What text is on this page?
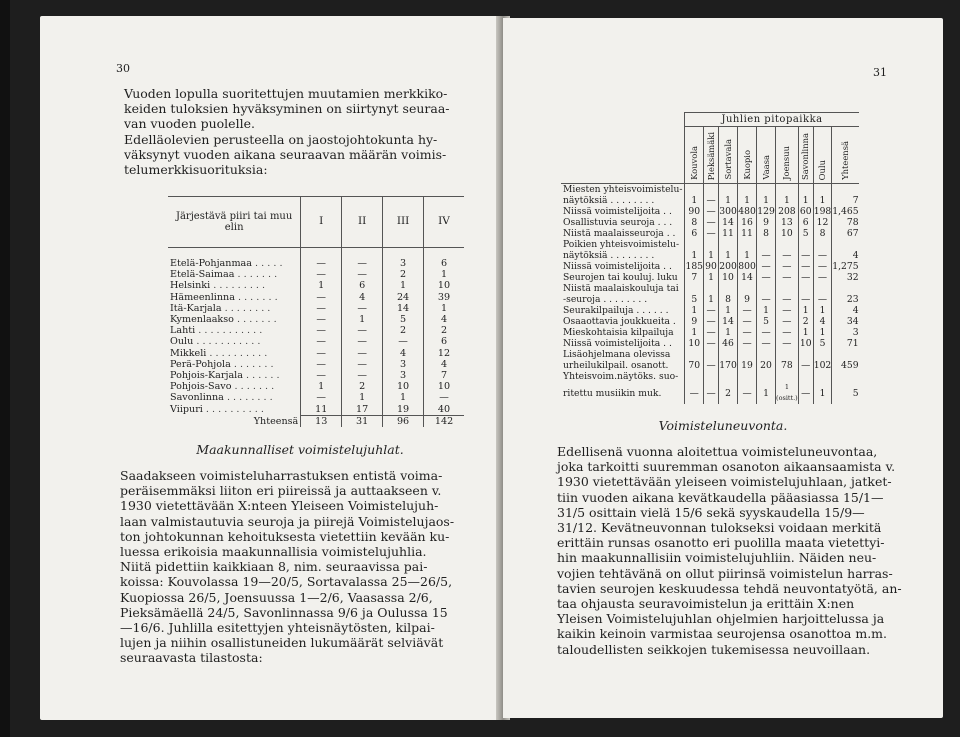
30

Vuoden lopulla suoritettujen muutamien merkkiko-

keiden tuloksien hyväksyminen on siirtynyt seuraa-

van vuoden puolelle.

Edelläolevien perusteella on jaostojohtokunta hy-

väksynyt vuoden aikana seuraavan määrän voimis-

telumerkkisuorituksia:

Järjestävä piiri tai muu elin	I	II	III	IV

Etelä-Pohjanmaa . . . . .	—	—	3	6
Etelä-Saimaa . . . . . . .	—	—	2	1
Helsinki . . . . . . . . .	1	6	1	10
Hämeenlinna . . . . . . .	—	4	24	39
Itä-Karjala . . . . . . . .	—	—	14	1
Kymenlaakso . . . . . . .	—	1	5	4
Lahti . . . . . . . . . . .	—	—	2	2
Oulu . . . . . . . . . . .	—	—	—	6
Mikkeli . . . . . . . . . .	—	—	4	12
Perä-Pohjola . . . . . . .	—	—	3	4
Pohjois-Karjala . . . . . .	—	—	3	7
Pohjois-Savo . . . . . . .	1	2	10	10
Savonlinna . . . . . . . .	—	1	1	—
Viipuri . . . . . . . . . .	11	17	19	40
Yhteensä	13	31	96	142
Maakunnalliset voimistelujuhlat.

Saadakseen voimisteluharrastuksen entistä voima-

peräisemmäksi liiton eri piireissä ja auttaakseen v.

1930 vietettävään X:nteen Yleiseen Voimistelujuh-

laan valmistautuvia seuroja ja piirejä Voimistelujaos-

ton johtokunnan kehoituksesta vietettiin kevään ku-

luessa erikoisia maakunnallisia voimistelujuhlia.

Niitä pidettiin kaikkiaan 8, nim. seuraavissa pai-

koissa: Kouvolassa 19—20/5, Sortavalassa 25—26/5,

Kuopiossa 26/5, Joensuussa 1—2/6, Vaasassa 2/6,

Pieksämäellä 24/5, Savonlinnassa 9/6 ja Oulussa 15

—16/6. Juhlilla esitettyjen yhteisnäytösten, kilpai-

lujen ja niihin osallistuneiden lukumäärät selviävät

seuraavasta tilastosta:

31
	Juhlien pitopaikka								
	Kouvola	Pieksämäki	Sortavala	Kuopio	Vaasa	Joensuu	Savonlinna	Oulu	Yhteensä
Miesten yhteisvoimistelu-									
näytöksiä . . . . . . . .	1	—	1	1	1	1	1	1	7
Niissä voimistelijoita . .	90	—	300	480	129	208	60	198	1,465
Osallistuvia seuroja . . .	8	—	14	16	9	13	6	12	78
Niistä maalaisseuroja . .	6	—	11	11	8	10	5	8	67
Poikien yhteisvoimistelu-									
näytöksiä . . . . . . . .	1	1	1	1	—	—	—	—	4
Niissä voimistelijoita . .	185	90	200	800	—	—	—	—	1,275
Seurojen tai kouluj. luku	7	1	10	14	—	—	—	—	32
Niistä maalaiskouluja tai									
-seuroja . . . . . . . .	5	1	8	9	—	—	—	—	23
Seurakilpailuja . . . . . .	1	—	1	—	1	—	1	1	4
Osaaottavia joukkueita .	9	—	14	—	5	—	2	4	34
Mieskohtaisia kilpailuja	1	—	1	—	—	—	1	1	3
Niissä voimistelijoita . .	10	—	46	—	—	—	10	5	71
Lisäohjelmana olevissa									
urheilukilpail. osanott.	70	—	170	19	20	78	—	102	459
Yhteisvoim.näytöks. suo-									
ritettu musiikin muk.	—	—	2	—	1	1 (ositt.)	—	1	5
Voimisteluneuvonta.

Edellisenä vuonna aloitettua voimisteluneuvontaa,

joka tarkoitti suuremman osanoton aikaansaamista v.

1930 vietettävään yleiseen voimistelujuhlaan, jatket-

tiin vuoden aikana kevätkaudella pääasiassa 15/1—

31/5 osittain vielä 15/6 sekä syyskaudella 15/9—

31/12. Kevätneuvonnan tulokseksi voidaan merkitä

erittäin runsas osanotto eri puolilla maata vietettyi-

hin maakunnallisiin voimistelujuhliin. Näiden neu-

vojien tehtävänä on ollut piirinsä voimistelun harras-

tavien seurojen keskuudessa tehdä neuvontatyötä, an-

taa ohjausta seuravoimistelun ja erittäin X:nen

Yleisen Voimistelujuhlan ohjelmien harjoittelussa ja

kaikin keinoin varmistaa seurojensa osanottoa m.m.

taloudellisten seikkojen tukemisessa neuvoillaan.
